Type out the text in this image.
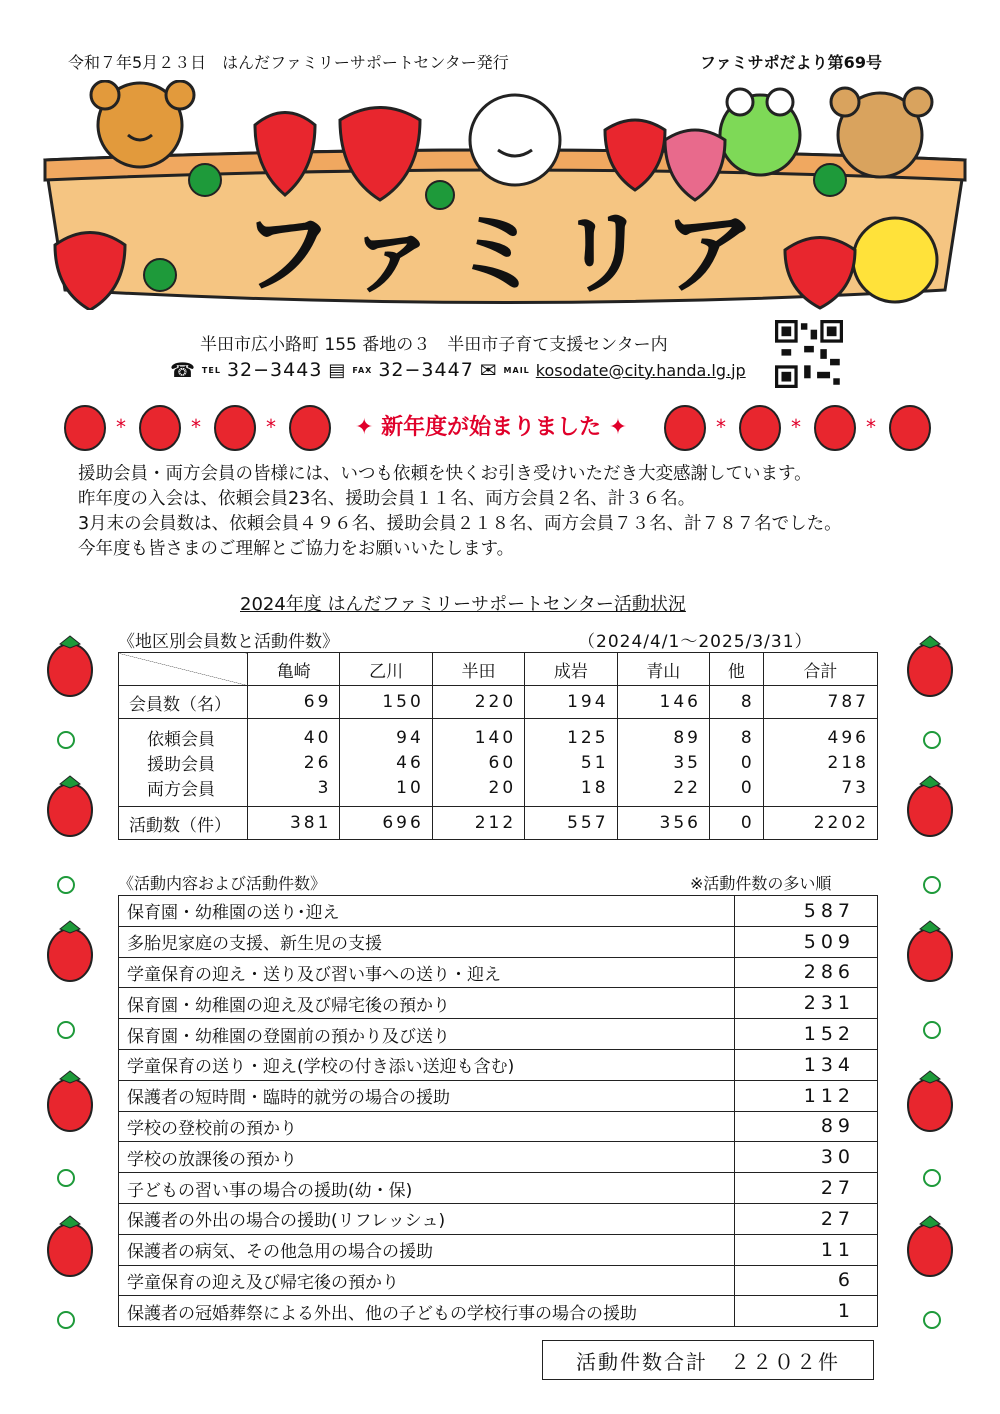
令和７年5月２３日　はんだファミリーサポートセンター発行	ファミサポだより第69号
ファミリア
半田市広小路町 155 番地の３　半田市子育て支援センター内
☎ TEL 32−3443 ▤ FAX 32−3447 ✉ MAIL kosodate@city.handa.lg.jp
*	*	*	*	*	*
✦ 新年度が始まりました ✦

援助会員・両方会員の皆様には、いつも依頼を快くお引き受けいただき大変感謝しています。

昨年度の入会は、依頼会員23名、援助会員１１名、両方会員２名、計３６名。

3月末の会員数は、依頼会員４９６名、援助会員２１８名、両方会員７３名、計７８７名でした。

今年度も皆さまのご理解とご協力をお願いいたします。

2024年度 はんだファミリーサポートセンター活動状況
《地区別会員数と活動件数》	（2024/4/1～2025/3/31）
	亀崎	乙川	半田	成岩	青山	他	合計
会員数（名）	69	150	220	194	146	8	787
依頼会員	40	94	140	125	89	8	496
援助会員	26	46	60	51	35	0	218
両方会員	3	10	20	18	22	0	73
活動数（件）	381	696	212	557	356	0	2202
《活動内容および活動件数》	※活動件数の多い順
保育園・幼稚園の送り･迎え	587
多胎児家庭の支援、新生児の支援	509
学童保育の迎え・送り及び習い事への送り・迎え	286
保育園・幼稚園の迎え及び帰宅後の預かり	231
保育園・幼稚園の登園前の預かり及び送り	152
学童保育の送り・迎え(学校の付き添い送迎も含む)	134
保護者の短時間・臨時的就労の場合の援助	112
学校の登校前の預かり	89
学校の放課後の預かり	30
子どもの習い事の場合の援助(幼・保)	27
保護者の外出の場合の援助(リフレッシュ)	27
保護者の病気、その他急用の場合の援助	11
学童保育の迎え及び帰宅後の預かり	6
保護者の冠婚葬祭による外出、他の子どもの学校行事の場合の援助	1
活動件数合計　２２０２件
